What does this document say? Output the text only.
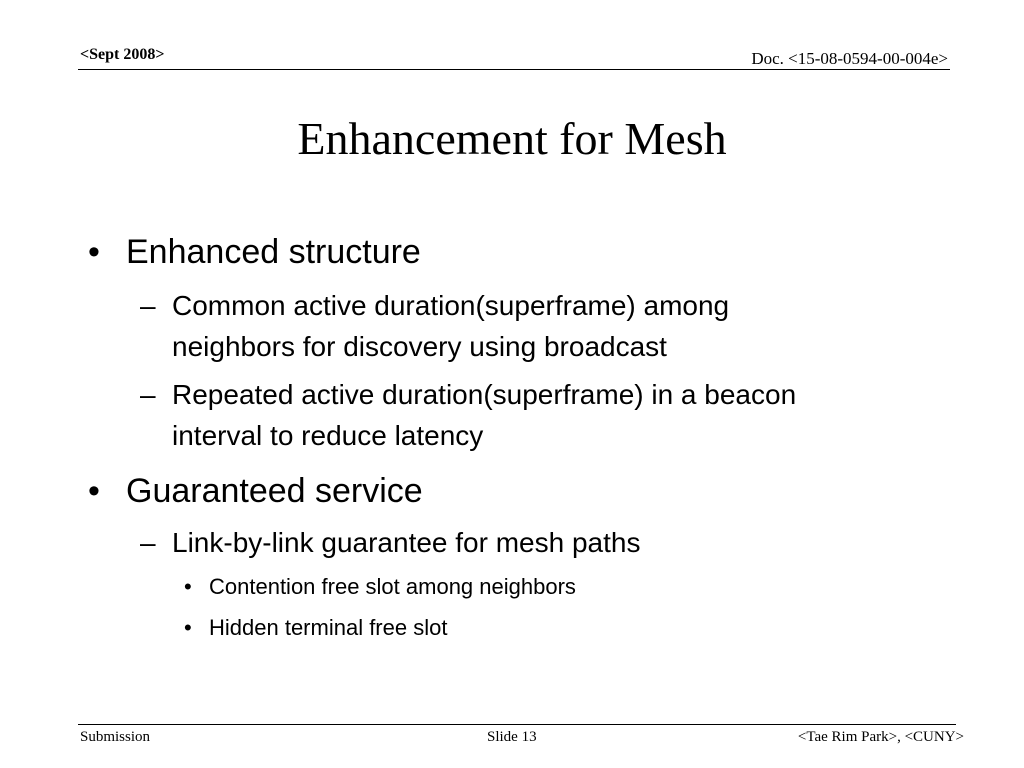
<Sept 2008>	Doc. <15-08-0594-00-004e>
Enhancement for Mesh
• Enhanced structure
– Common active duration(superframe) among
neighbors for discovery using broadcast
– Repeated active duration(superframe) in a beacon
interval to reduce latency
• Guaranteed service
– Link-by-link guarantee for mesh paths
• Contention free slot among neighbors
• Hidden terminal free slot
Submission	Slide 13	<Tae Rim Park>, <CUNY>
